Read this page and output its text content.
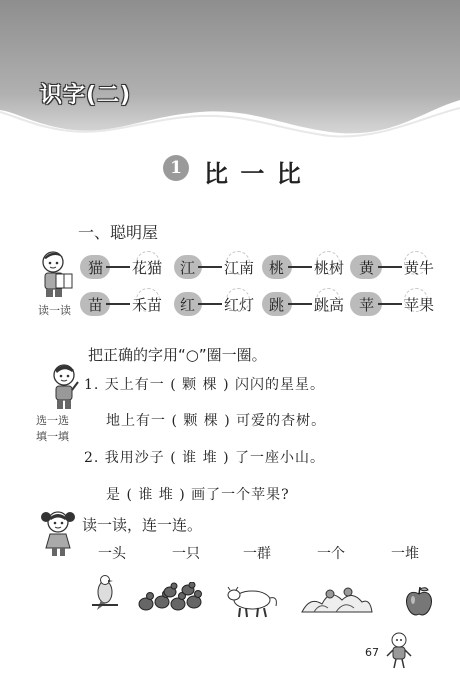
识字(二)
1 比 一 比
一、聪明屋
读一读
猫 花猫 江 江南 桃 桃树 黄 黄牛
苗 禾苗 红 红灯 跳 跳高 苹 苹果
把正确的字用“○”圈一圈。
选一选
填一填
1. 天上有一 ( 颗 棵 ) 闪闪的星星。
地上有一 ( 颗 棵 ) 可爱的杏树。
2. 我用沙子 ( 谁 堆 ) 了一座小山。
是 ( 谁 堆 ) 画了一个苹果?
读一读，连一连。
一头	一只	一群	一个	一堆
67
